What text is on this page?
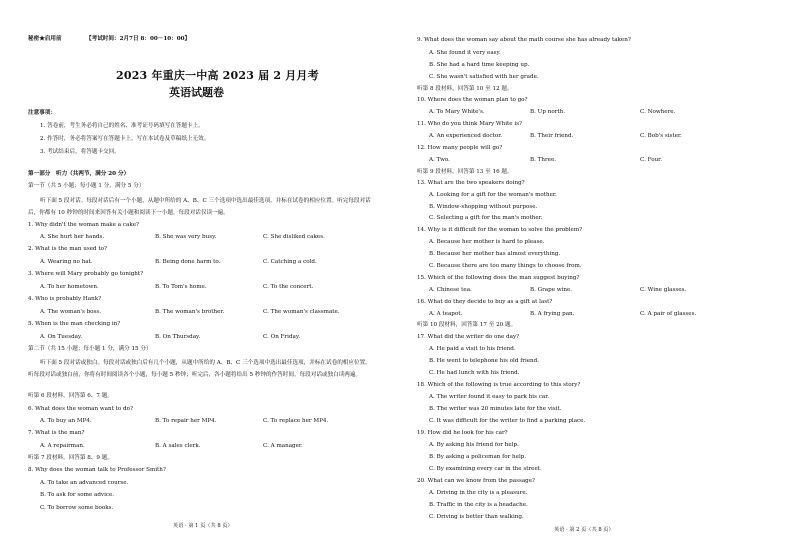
秘密★启用前	【考试时间：2月7日 8：00－10：00】
2023 年重庆一中高 2023 届 2 月月考
英语试题卷
注意事项：
1. 答卷前，考生务必将自己的姓名、准考证号码填写在答题卡上。
2. 作答时，务必将答案写在答题卡上。写在本试卷及草稿纸上无效。
3. 考试结束后，将答题卡交回。
第一部分　听力（共两节，满分 20 分）
第一节（共 5 小题；每小题 1 分，满分 5 分）
听下面 5 段对话。每段对话后有一个小题，从题中所给的 A、B、C 三个选项中选出最佳选项，并标在试卷的相应位置。听完每段对话后，你都有 10 秒钟的时间来回答有关小题和阅读下一小题。每段对话仅读一遍。
1. Why didn't the woman make a cake?
A. She hurt her hands.	B. She was very busy.	C. She disliked cakes.
2. What is the man used to?
A. Wearing no hat.	B. Being done harm to.	C. Catching a cold.
3. Where will Mary probably go tonight?
A. To her hometown.	B. To Tom's home.	C. To the concert.
4. Who is probably Hank?
A. The woman's boss.	B. The woman's brother.	C. The woman's classmate.
5. When is the man checking in?
A. On Tuesday.	B. On Thursday.	C. On Friday.
第二节（共 15 小题；每小题 1 分，满分 15 分）
听下面 5 段对话或独白。每段对话或独白后有几个小题，从题中所给的 A、B、C 三个选项中选出最佳选项，并标在试卷的相应位置。听每段对话或独白前，你将有时间阅读各个小题，每小题 5 秒钟；听完后，各小题将给出 5 秒钟的作答时间。每段对话或独白读两遍。
听第 6 段材料，回答第 6、7 题。
6. What does the woman want to do?
A. To buy an MP4.	B. To repair her MP4.	C. To replace her MP4.
7. What is the man?
A. A repairman.	B. A sales clerk.	C. A manager.
听第 7 段材料，回答第 8、9 题。
8. Why does the woman talk to Professor Smith?
A. To take an advanced course.
B. To ask for some advice.
C. To borrow some books.
英语 · 第 1 页（共 8 页）
9. What does the woman say about the math course she has already taken?
A. She found it very easy.
B. She had a hard time keeping up.
C. She wasn't satisfied with her grade.
听第 8 段材料，回答第 10 至 12 题。
10. Where does the woman plan to go?
A. To Mary White's.	B. Up north.	C. Nowhere.
11. Who do you think Mary White is?
A. An experienced doctor.	B. Their friend.	C. Bob's sister.
12. How many people will go?
A. Two.	B. Three.	C. Four.
听第 9 段材料，回答第 13 至 16 题。
13. What are the two speakers doing?
A. Looking for a gift for the woman's mother.
B. Window-shopping without purpose.
C. Selecting a gift for the man's mother.
14. Why is it difficult for the woman to solve the problem?
A. Because her mother is hard to please.
B. Because her mother has almost everything.
C. Because there are too many things to choose from.
15. Which of the following does the man suggest buying?
A. Chinese tea.	B. Grape wine.	C. Wine glasses.
16. What do they decide to buy as a gift at last?
A. A teapot.	B. A frying pan.	C. A pair of glasses.
听第 10 段材料，回答第 17 至 20 题。
17. What did the writer do one day?
A. He paid a visit to his friend.
B. He went to telephone his old friend.
C. He had lunch with his friend.
18. Which of the following is true according to this story?
A. The writer found it easy to park his car.
B. The writer was 20 minutes late for the visit.
C. It was difficult for the writer to find a parking place.
19. How did he look for his car?
A. By asking his friend for help.
B. By asking a policeman for help.
C. By examining every car in the street.
20. What can we know from the passage?
A. Driving in the city is a pleasure.
B. Traffic in the city is a headache.
C. Driving is better than walking.
英语 · 第 2 页（共 8 页）
